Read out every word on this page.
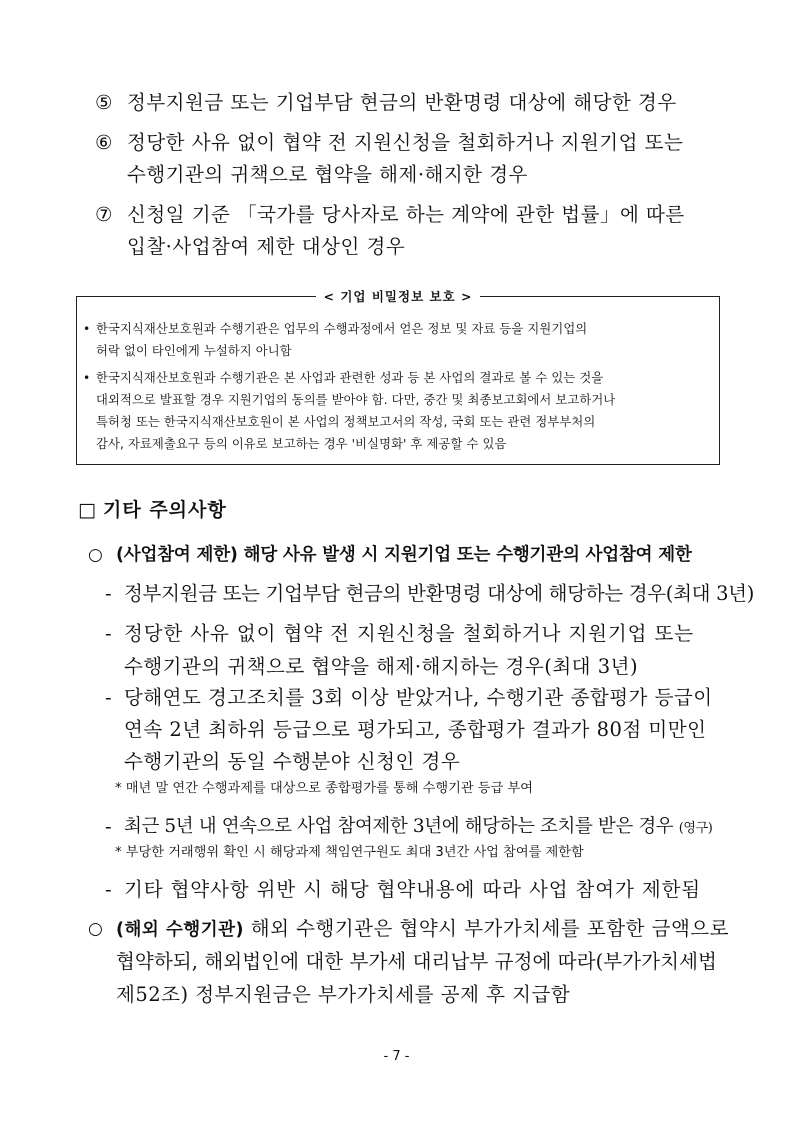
⑤ 정부지원금 또는 기업부담 현금의 반환명령 대상에 해당한 경우
⑥ 정당한 사유 없이 협약 전 지원신청을 철회하거나 지원기업 또는
수행기관의 귀책으로 협약을 해제·해지한 경우
⑦ 신청일 기준 「국가를 당사자로 하는 계약에 관한 법률」에 따른
입찰·사업참여 제한 대상인 경우
< 기업 비밀정보 보호 >
• 한국지식재산보호원과 수행기관은 업무의 수행과정에서 얻은 정보 및 자료 등을 지원기업의
허락 없이 타인에게 누설하지 아니함
• 한국지식재산보호원과 수행기관은 본 사업과 관련한 성과 등 본 사업의 결과로 볼 수 있는 것을
대외적으로 발표할 경우 지원기업의 동의를 받아야 함. 다만, 중간 및 최종보고회에서 보고하거나
특허청 또는 한국지식재산보호원이 본 사업의 정책보고서의 작성, 국회 또는 관련 정부부처의
감사, 자료제출요구 등의 이유로 보고하는 경우 '비실명화' 후 제공할 수 있음
□ 기타 주의사항
○ (사업참여 제한) 해당 사유 발생 시 지원기업 또는 수행기관의 사업참여 제한
- 정부지원금 또는 기업부담 현금의 반환명령 대상에 해당하는 경우(최대 3년)
- 정당한 사유 없이 협약 전 지원신청을 철회하거나 지원기업 또는
수행기관의 귀책으로 협약을 해제·해지하는 경우(최대 3년)
- 당해연도 경고조치를 3회 이상 받았거나, 수행기관 종합평가 등급이
연속 2년 최하위 등급으로 평가되고, 종합평가 결과가 80점 미만인
수행기관의 동일 수행분야 신청인 경우
* 매년 말 연간 수행과제를 대상으로 종합평가를 통해 수행기관 등급 부여
- 최근 5년 내 연속으로 사업 참여제한 3년에 해당하는 조치를 받은 경우 (영구)
* 부당한 거래행위 확인 시 해당과제 책임연구원도 최대 3년간 사업 참여를 제한함
- 기타 협약사항 위반 시 해당 협약내용에 따라 사업 참여가 제한됨
○ (해외 수행기관) 해외 수행기관은 협약시 부가가치세를 포함한 금액으로
협약하되, 해외법인에 대한 부가세 대리납부 규정에 따라(부가가치세법
제52조) 정부지원금은 부가가치세를 공제 후 지급함
- 7 -
